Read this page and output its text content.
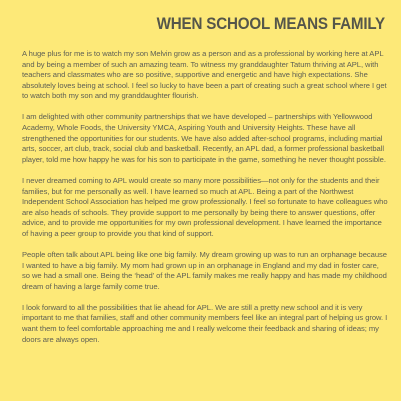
WHEN SCHOOL MEANS FAMILY

A huge plus for me is to watch my son Melvin grow as a person and as a professional by working here at APL and by being a member of such an amazing team. To witness my granddaughter Tatum thriving at APL, with teachers and classmates who are so positive, supportive and energetic and have high expectations. She absolutely loves being at school. I feel so lucky to have been a part of creating such a great school where I get to watch both my son and my granddaughter flourish.

I am delighted with other community partnerships that we have developed – partnerships with Yellowwood Academy, Whole Foods, the University YMCA, Aspiring Youth and University Heights. These have all strengthened the opportunities for our students. We have also added after-school programs, including martial arts, soccer, art club, track, social club and basketball. Recently, an APL dad, a former professional basketball player, told me how happy he was for his son to participate in the game, something he never thought possible.

I never dreamed coming to APL would create so many more possibilities—not only for the students and their families, but for me personally as well. I have learned so much at APL. Being a part of the Northwest Independent School Association has helped me grow professionally. I feel so fortunate to have colleagues who are also heads of schools. They provide support to me personally by being there to answer questions, offer advice, and to provide me opportunities for my own professional development. I have learned the importance of having a peer group to provide you that kind of support.

People often talk about APL being like one big family. My dream growing up was to run an orphanage because I wanted to have a big family. My mom had grown up in an orphanage in England and my dad in foster care, so we had a small one. Being the ‘head’ of the APL family makes me really happy and has made my childhood dream of having a large family come true.

I look forward to all the possibilities that lie ahead for APL. We are still a pretty new school and it is very important to me that families, staff and other community members feel like an integral part of helping us grow. I want them to feel comfortable approaching me and I really welcome their feedback and sharing of ideas; my doors are always open.
